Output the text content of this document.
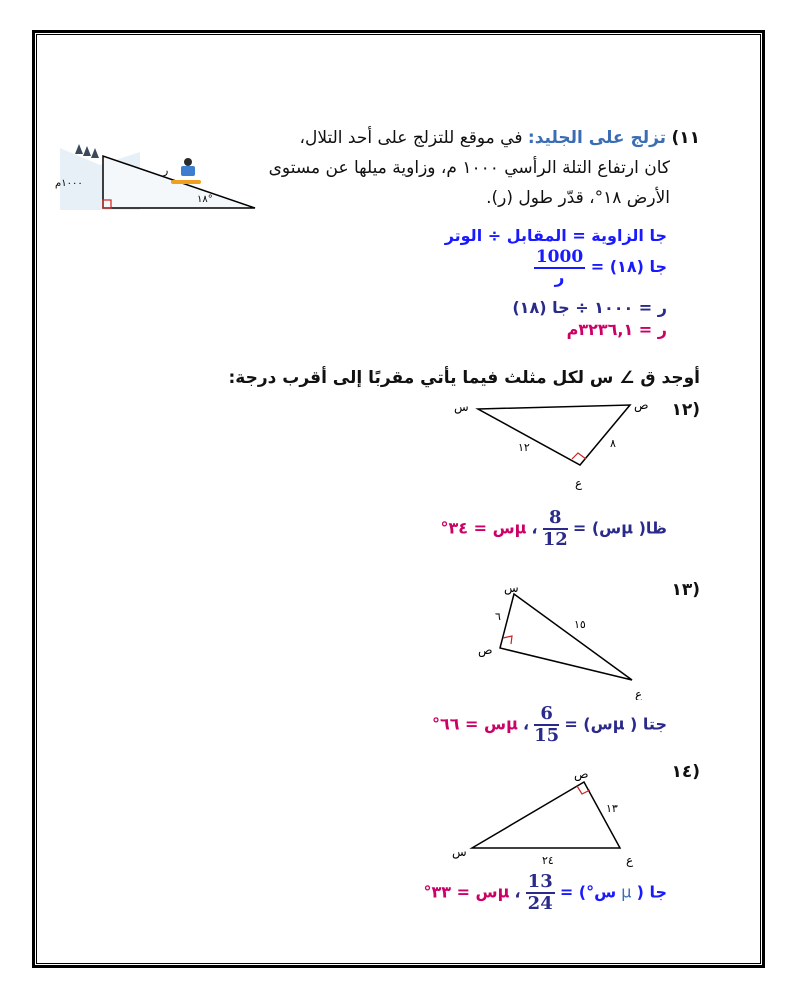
١١) تزلج على الجليد: في موقع للتزلج على أحد التلال،
كان ارتفاع التلة الرأسي ١٠٠٠ م، وزاوية ميلها عن مستوى
الأرض ١٨°، قدّر طول (ر).
ر
١٨°
١٠٠٠م
جا الزاوية = المقابل ÷ الوتر
جا (١٨) =
$\frac{1000}{\text{ر}}$
ر = ١٠٠٠ ÷ جا (١٨)
ر = ٣٢٣٦,١م
أوجد ق ∠ س لكل مثلث فيما يأتي مقربًا إلى أقرب درجة:
١٢)
س	ص
ع
١٢	٨
ظا( µس) =
$\frac{8}{12}$
، µس = ٣٤°
١٣)
س
ص
ع
٦
١٥
جتا ( µس) =
$\frac{6}{15}$
، µس = ٦٦°
١٤)
س
ص
ع
١٣
٢٤
جا ( µ س°) =
$\frac{13}{24}$
، µس = ٣٣°
